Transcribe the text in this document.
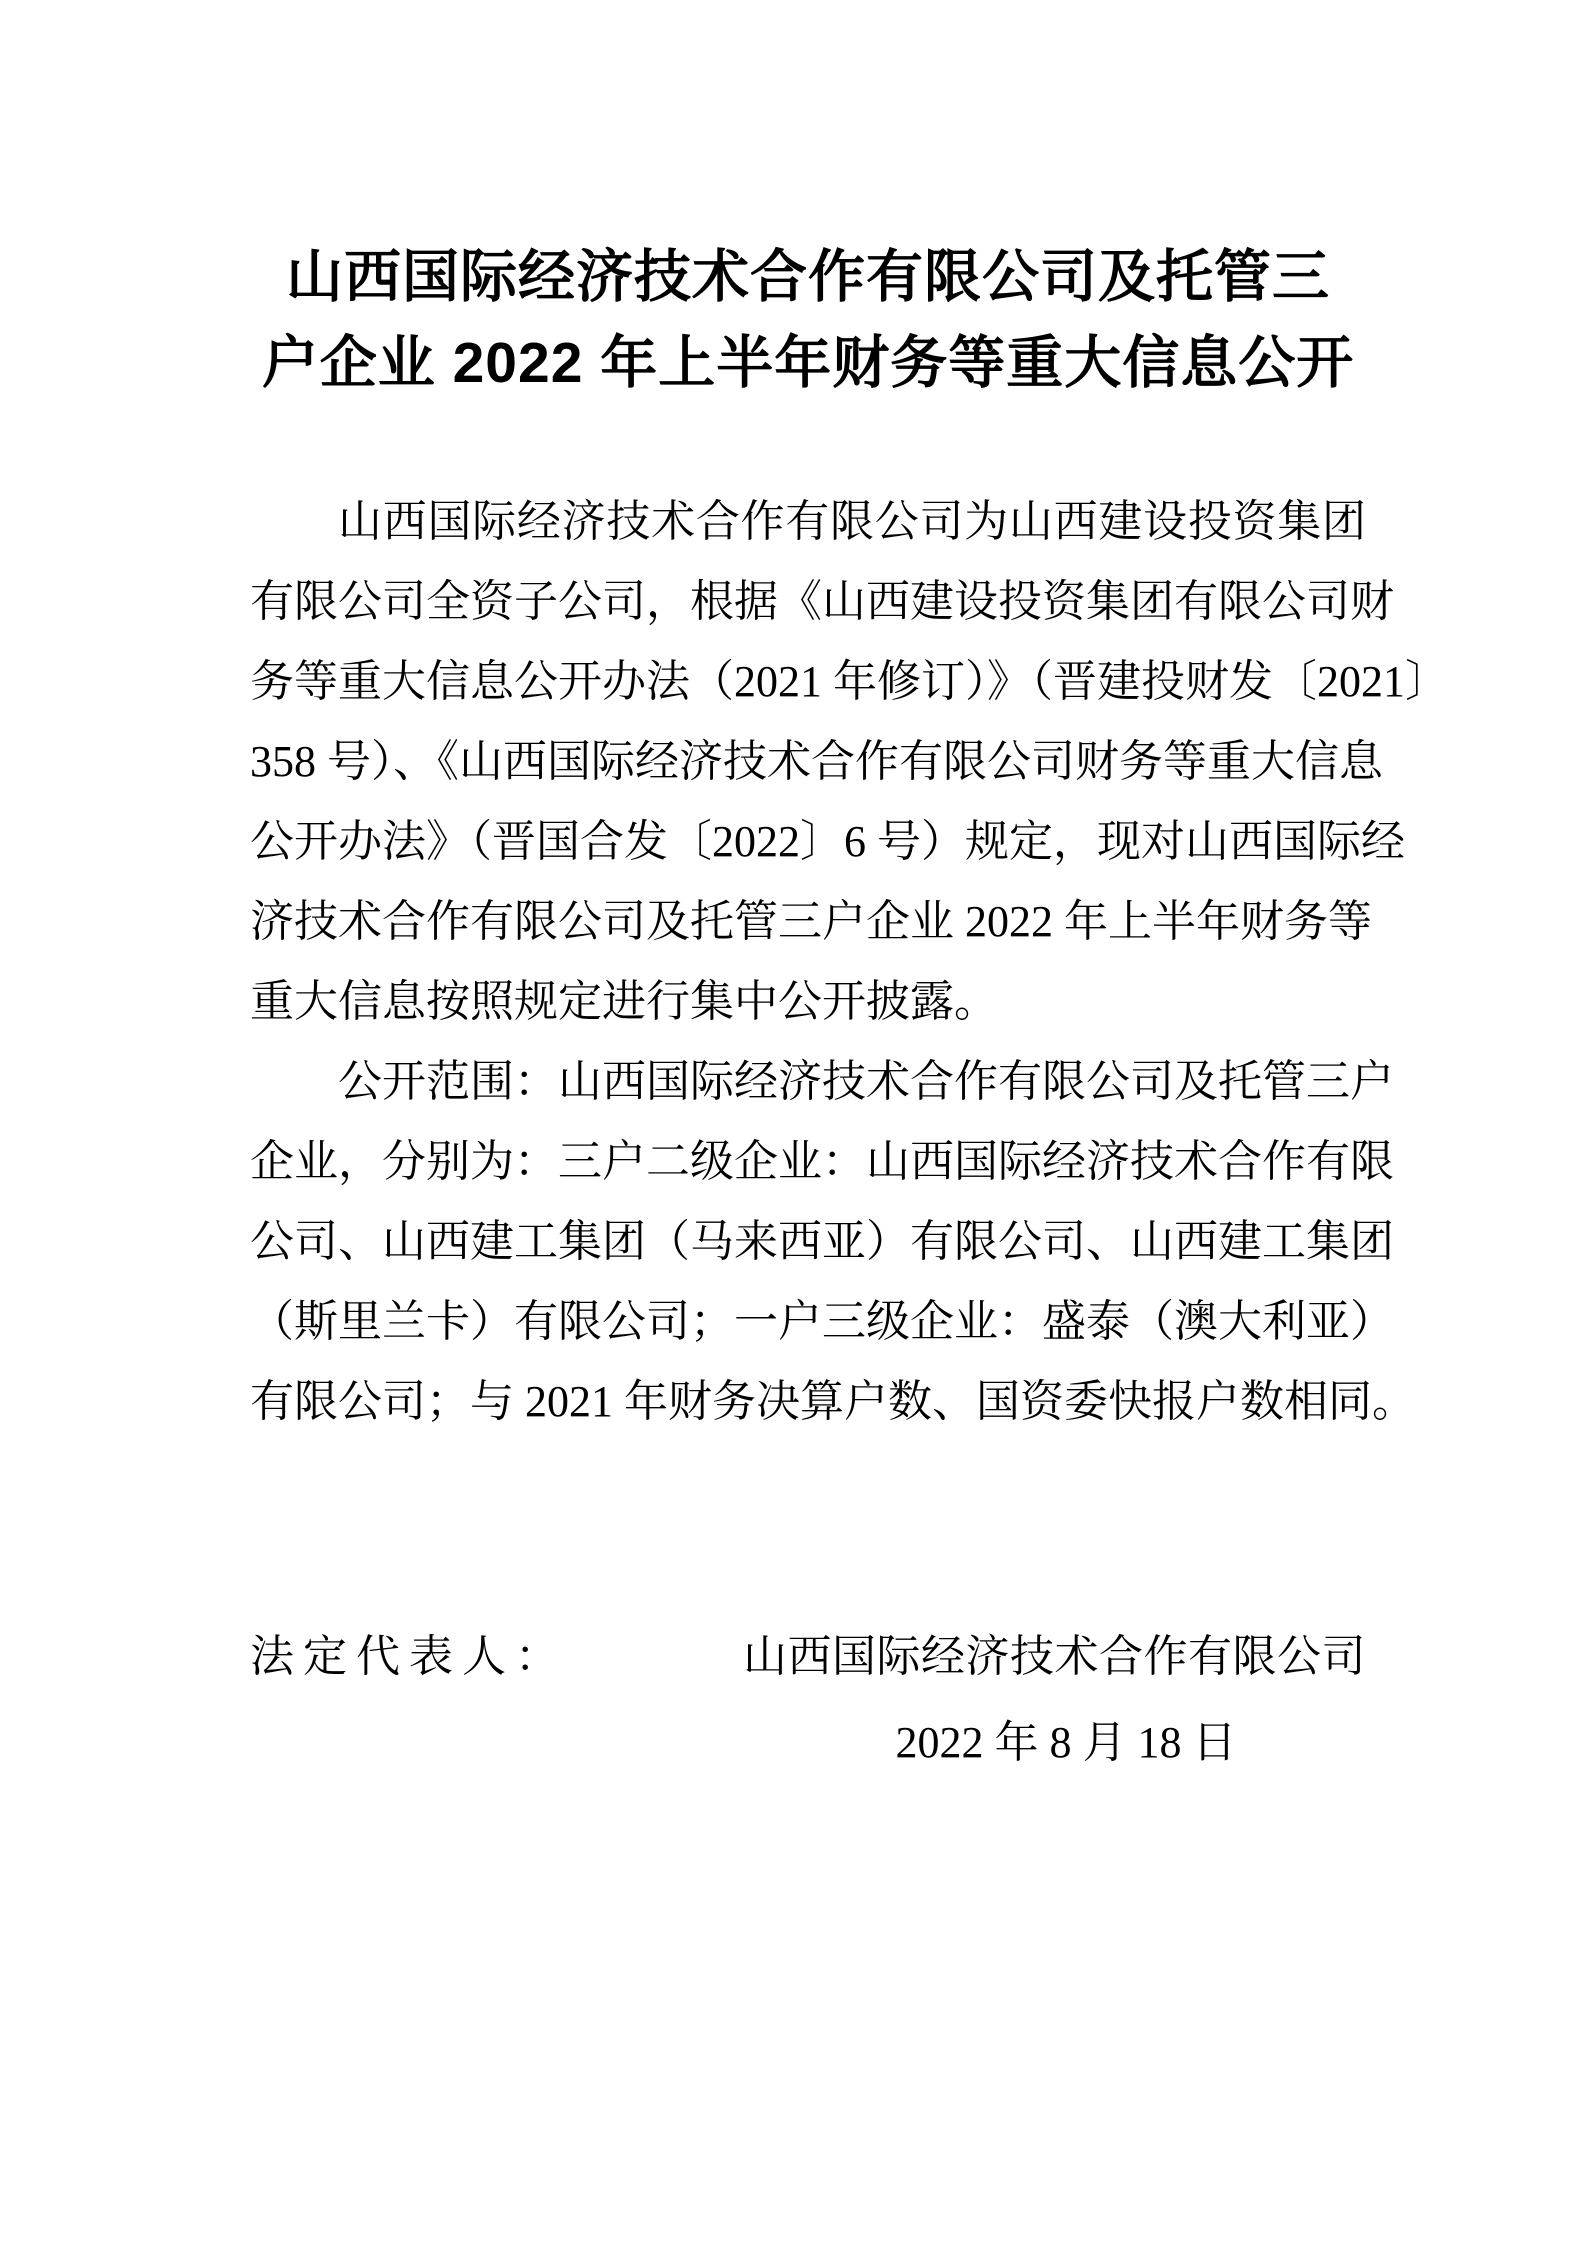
山西国际经济技术合作有限公司及托管三
户企业 2022 年上半年财务等重大信息公开
山西国际经济技术合作有限公司为山西建设投资集团
有限公司全资子公司，根据《山西建设投资集团有限公司财
务等重大信息公开办法（2021 年修订）》（晋建投财发〔2021〕
358 号）、《山西国际经济技术合作有限公司财务等重大信息
公开办法》（晋国合发〔2022〕6 号）规定，现对山西国际经
济技术合作有限公司及托管三户企业 2022 年上半年财务等
重大信息按照规定进行集中公开披露。
公开范围：山西国际经济技术合作有限公司及托管三户
企业，分别为：三户二级企业：山西国际经济技术合作有限
公司、山西建工集团（马来西亚）有限公司、山西建工集团
（斯里兰卡）有限公司；一户三级企业：盛泰（澳大利亚）
有限公司；与 2021 年财务决算户数、国资委快报户数相同。
法定代表人：	山西国际经济技术合作有限公司
2022 年 8 月 18 日
